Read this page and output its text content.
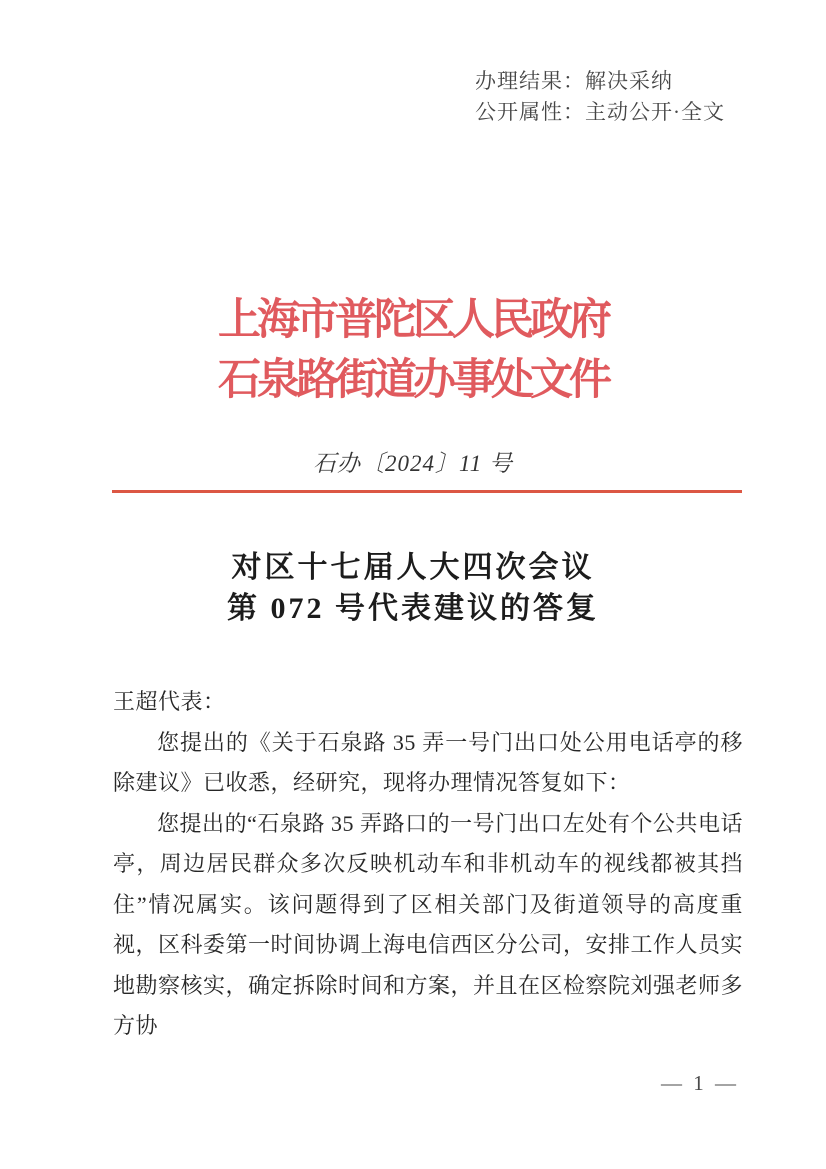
办理结果：解决采纳
公开属性：主动公开·全文
上海市普陀区人民政府
石泉路街道办事处文件
石办〔2024〕11 号
对区十七届人大四次会议
第 072 号代表建议的答复
王超代表：

您提出的《关于石泉路 35 弄一号门出口处公用电话亭的移除建议》已收悉，经研究，现将办理情况答复如下：

您提出的“石泉路 35 弄路口的一号门出口左处有个公共电话亭，周边居民群众多次反映机动车和非机动车的视线都被其挡住”情况属实。该问题得到了区相关部门及街道领导的高度重视，区科委第一时间协调上海电信西区分公司，安排工作人员实地勘察核实，确定拆除时间和方案，并且在区检察院刘强老师多方协

— 1 —
